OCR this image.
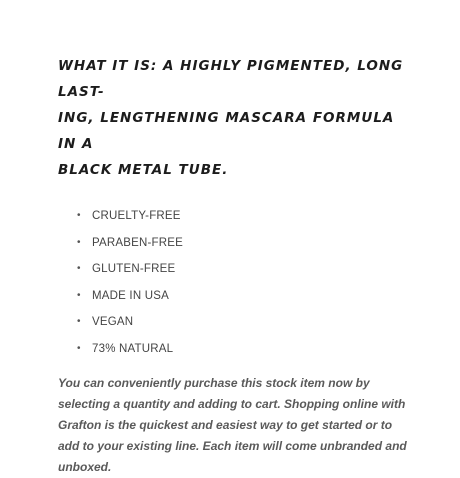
WHAT IT IS: A HIGHLY PIGMENTED, LONG LAST-
ING, LENGTHENING MASCARA FORMULA IN A
BLACK METAL TUBE.
• CRUELTY-FREE
• PARABEN-FREE
• GLUTEN-FREE
• MADE IN USA
• VEGAN
• 73% NATURAL

You can conveniently purchase this stock item now by selecting a quantity and adding to cart. Shopping online with Grafton is the quickest and easiest way to get started or to add to your existing line. Each item will come unbranded and unboxed.
